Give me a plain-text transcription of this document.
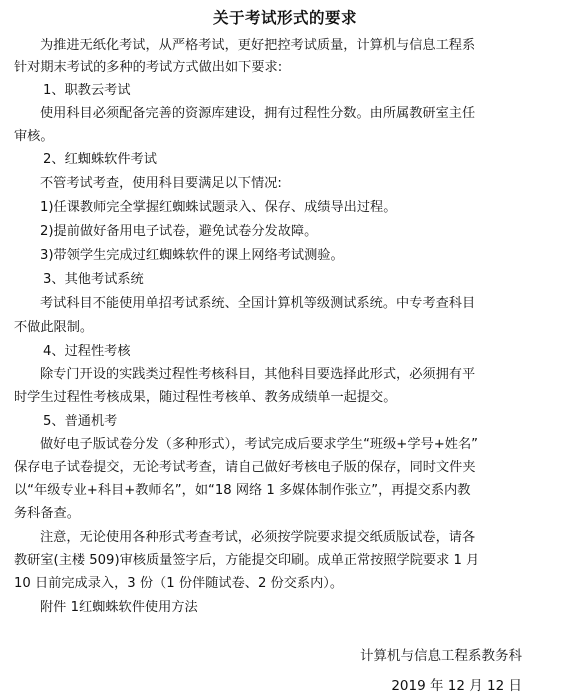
关于考试形式的要求
为推进无纸化考试，从严格考试，更好把控考试质量，计算机与信息工程系
针对期末考试的多种的考试方式做出如下要求:
1、职教云考试
使用科目必须配备完善的资源库建设，拥有过程性分数。由所属教研室主任
审核。
2、红蜘蛛软件考试
不管考试考查，使用科目要满足以下情况:
1)任课教师完全掌握红蜘蛛试题录入、保存、成绩导出过程。
2)提前做好备用电子试卷，避免试卷分发故障。
3)带领学生完成过红蜘蛛软件的课上网络考试测验。
3、其他考试系统
考试科目不能使用单招考试系统、全国计算机等级测试系统。中专考查科目
不做此限制。
4、过程性考核
除专门开设的实践类过程性考核科目，其他科目要选择此形式，必须拥有平
时学生过程性考核成果，随过程性考核单、教务成绩单一起提交。
5、普通机考
做好电子版试卷分发（多种形式），考试完成后要求学生“班级+学号+姓名”
保存电子试卷提交，无论考试考查，请自己做好考核电子版的保存，同时文件夹
以“年级专业+科目+教师名”，如“18 网络 1 多媒体制作张立”，再提交系内教
务科备查。
注意，无论使用各种形式考查考试，必须按学院要求提交纸质版试卷，请各
教研室(主楼 509)审核质量签字后，方能提交印刷。成单正常按照学院要求 1 月
10 日前完成录入，3 份（1 份伴随试卷、2 份交系内）。
附件 1红蜘蛛软件使用方法
计算机与信息工程系教务科
2019 年 12 月 12 日
